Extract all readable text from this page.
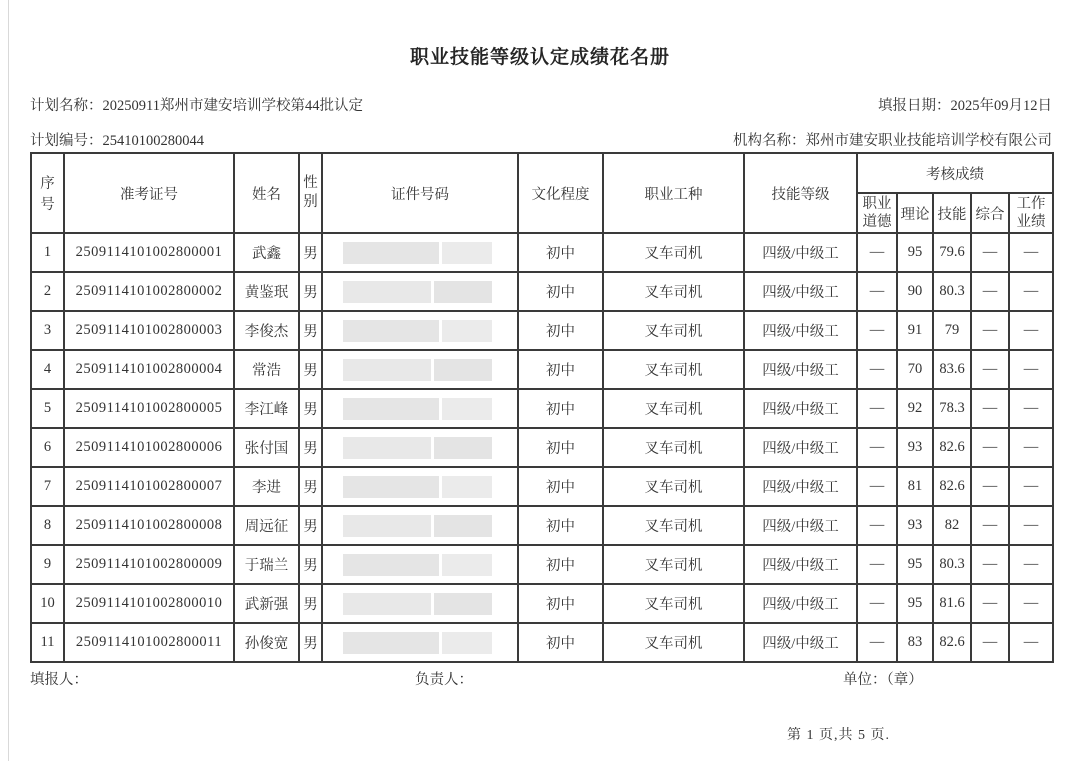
职业技能等级认定成绩花名册
计划名称：20250911郑州市建安培训学校第44批认定	填报日期：2025年09月12日
计划编号：25410100280044	机构名称：郑州市建安职业技能培训学校有限公司
序号	准考证号	姓名	性别	证件号码	文化程度	职业工种	技能等级	考核成绩				
								职业道德	理论	技能	综合	工作业绩
1	2509114101002800001	武鑫	男		初中	叉车司机	四级/中级工	—	95	79.6	—	—
2	2509114101002800002	黄鉴珉	男		初中	叉车司机	四级/中级工	—	90	80.3	—	—
3	2509114101002800003	李俊杰	男		初中	叉车司机	四级/中级工	—	91	79	—	—
4	2509114101002800004	常浩	男		初中	叉车司机	四级/中级工	—	70	83.6	—	—
5	2509114101002800005	李江峰	男		初中	叉车司机	四级/中级工	—	92	78.3	—	—
6	2509114101002800006	张付国	男		初中	叉车司机	四级/中级工	—	93	82.6	—	—
7	2509114101002800007	李进	男		初中	叉车司机	四级/中级工	—	81	82.6	—	—
8	2509114101002800008	周远征	男		初中	叉车司机	四级/中级工	—	93	82	—	—
9	2509114101002800009	于瑞兰	男		初中	叉车司机	四级/中级工	—	95	80.3	—	—
10	2509114101002800010	武新强	男		初中	叉车司机	四级/中级工	—	95	81.6	—	—
11	2509114101002800011	孙俊宽	男		初中	叉车司机	四级/中级工	—	83	82.6	—	—
填报人：	负责人：	单位：（章）
第 1 页,共 5 页.
